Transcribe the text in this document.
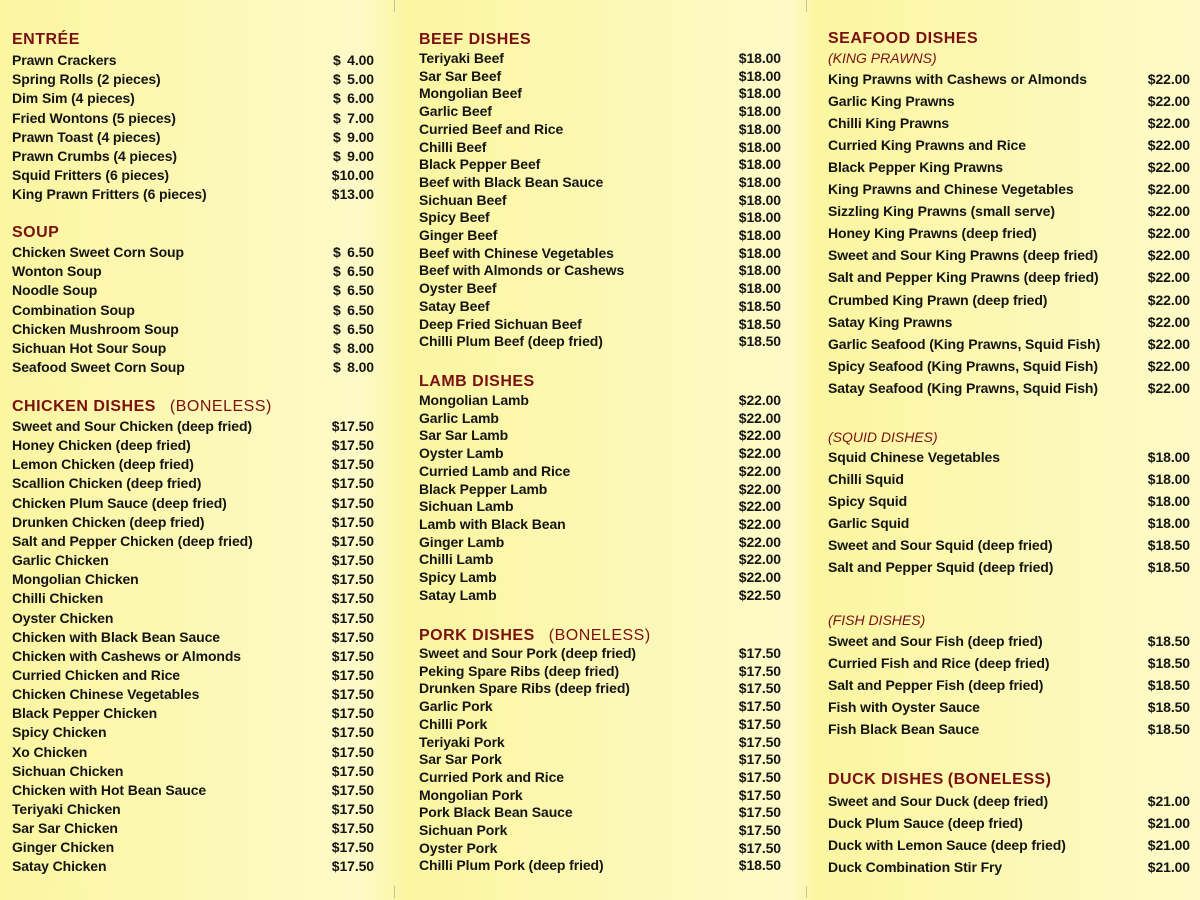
ENTRÉE
Prawn Crackers	$ 4.00
Spring Rolls (2 pieces)	$ 5.00
Dim Sim (4 pieces)	$ 6.00
Fried Wontons (5 pieces)	$ 7.00
Prawn Toast (4 pieces)	$ 9.00
Prawn Crumbs (4 pieces)	$ 9.00
Squid Fritters (6 pieces)	$10.00
King Prawn Fritters (6 pieces)	$13.00
SOUP
Chicken Sweet Corn Soup	$ 6.50
Wonton Soup	$ 6.50
Noodle Soup	$ 6.50
Combination Soup	$ 6.50
Chicken Mushroom Soup	$ 6.50
Sichuan Hot Sour Soup	$ 8.00
Seafood Sweet Corn Soup	$ 8.00
CHICKEN DISHES (BONELESS)
Sweet and Sour Chicken (deep fried)	$17.50
Honey Chicken (deep fried)	$17.50
Lemon Chicken (deep fried)	$17.50
Scallion Chicken (deep fried)	$17.50
Chicken Plum Sauce (deep fried)	$17.50
Drunken Chicken (deep fried)	$17.50
Salt and Pepper Chicken (deep fried)	$17.50
Garlic Chicken	$17.50
Mongolian Chicken	$17.50
Chilli Chicken	$17.50
Oyster Chicken	$17.50
Chicken with Black Bean Sauce	$17.50
Chicken with Cashews or Almonds	$17.50
Curried Chicken and Rice	$17.50
Chicken Chinese Vegetables	$17.50
Black Pepper Chicken	$17.50
Spicy Chicken	$17.50
Xo Chicken	$17.50
Sichuan Chicken	$17.50
Chicken with Hot Bean Sauce	$17.50
Teriyaki Chicken	$17.50
Sar Sar Chicken	$17.50
Ginger Chicken	$17.50
Satay Chicken	$17.50
BEEF DISHES
Teriyaki Beef	$18.00
Sar Sar Beef	$18.00
Mongolian Beef	$18.00
Garlic Beef	$18.00
Curried Beef and Rice	$18.00
Chilli Beef	$18.00
Black Pepper Beef	$18.00
Beef with Black Bean Sauce	$18.00
Sichuan Beef	$18.00
Spicy Beef	$18.00
Ginger Beef	$18.00
Beef with Chinese Vegetables	$18.00
Beef with Almonds or Cashews	$18.00
Oyster Beef	$18.00
Satay Beef	$18.50
Deep Fried Sichuan Beef	$18.50
Chilli Plum Beef (deep fried)	$18.50
LAMB DISHES
Mongolian Lamb	$22.00
Garlic Lamb	$22.00
Sar Sar Lamb	$22.00
Oyster Lamb	$22.00
Curried Lamb and Rice	$22.00
Black Pepper Lamb	$22.00
Sichuan Lamb	$22.00
Lamb with Black Bean	$22.00
Ginger Lamb	$22.00
Chilli Lamb	$22.00
Spicy Lamb	$22.00
Satay Lamb	$22.50
PORK DISHES (BONELESS)
Sweet and Sour Pork (deep fried)	$17.50
Peking Spare Ribs (deep fried)	$17.50
Drunken Spare Ribs (deep fried)	$17.50
Garlic Pork	$17.50
Chilli Pork	$17.50
Teriyaki Pork	$17.50
Sar Sar Pork	$17.50
Curried Pork and Rice	$17.50
Mongolian Pork	$17.50
Pork Black Bean Sauce	$17.50
Sichuan Pork	$17.50
Oyster Pork	$17.50
Chilli Plum Pork (deep fried)	$18.50
SEAFOOD DISHES
(KING PRAWNS)
King Prawns with Cashews or Almonds	$22.00
Garlic King Prawns	$22.00
Chilli King Prawns	$22.00
Curried King Prawns and Rice	$22.00
Black Pepper King Prawns	$22.00
King Prawns and Chinese Vegetables	$22.00
Sizzling King Prawns (small serve)	$22.00
Honey King Prawns (deep fried)	$22.00
Sweet and Sour King Prawns (deep fried)	$22.00
Salt and Pepper King Prawns (deep fried)	$22.00
Crumbed King Prawn (deep fried)	$22.00
Satay King Prawns	$22.00
Garlic Seafood (King Prawns, Squid Fish)	$22.00
Spicy Seafood (King Prawns, Squid Fish)	$22.00
Satay Seafood (King Prawns, Squid Fish)	$22.00
(SQUID DISHES)
Squid Chinese Vegetables	$18.00
Chilli Squid	$18.00
Spicy Squid	$18.00
Garlic Squid	$18.00
Sweet and Sour Squid (deep fried)	$18.50
Salt and Pepper Squid (deep fried)	$18.50
(FISH DISHES)
Sweet and Sour Fish (deep fried)	$18.50
Curried Fish and Rice (deep fried)	$18.50
Salt and Pepper Fish (deep fried)	$18.50
Fish with Oyster Sauce	$18.50
Fish Black Bean Sauce	$18.50
DUCK DISHES (BONELESS)
Sweet and Sour Duck (deep fried)	$21.00
Duck Plum Sauce (deep fried)	$21.00
Duck with Lemon Sauce (deep fried)	$21.00
Duck Combination Stir Fry	$21.00
